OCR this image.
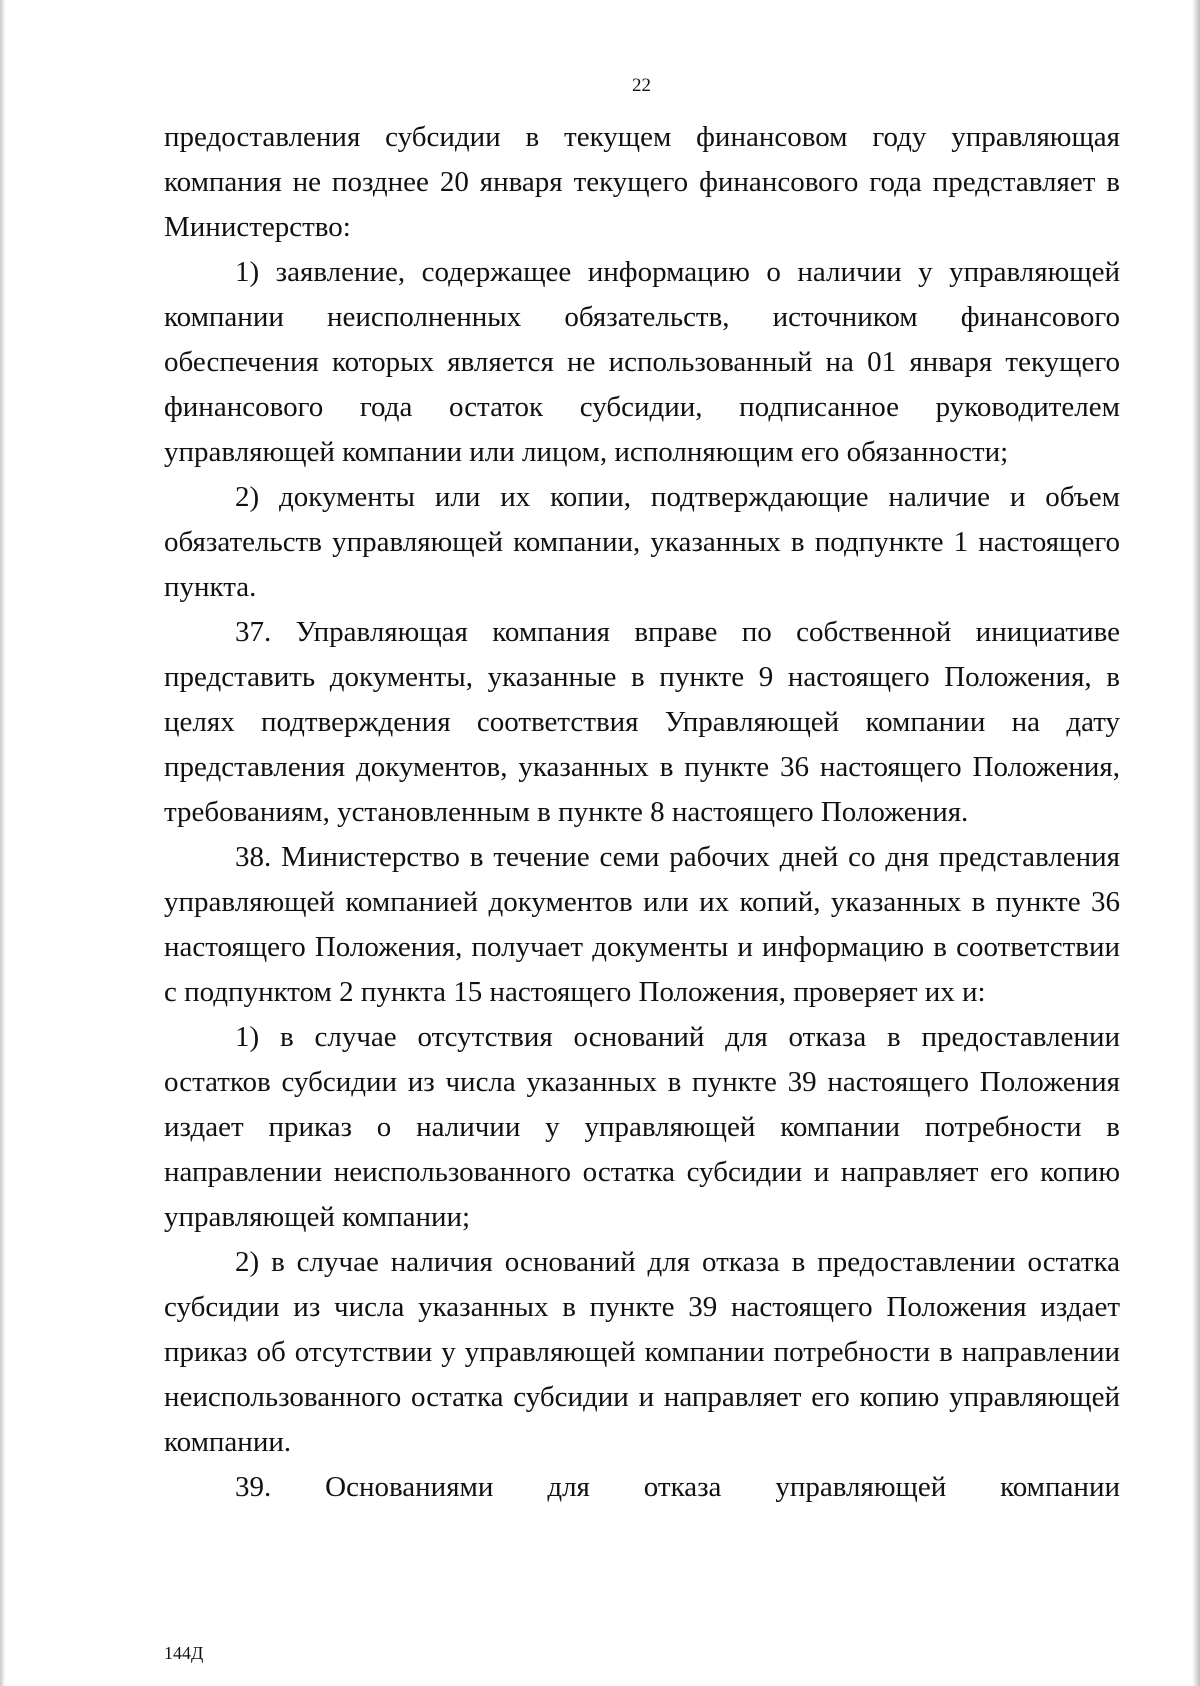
22

предоставления субсидии в текущем финансовом году управляющая компания не позднее 20 января текущего финансового года представляет в Министерство:

1) заявление, содержащее информацию о наличии у управляющей компании неисполненных обязательств, источником финансового обеспечения которых является не использованный на 01 января текущего финансового года остаток субсидии, подписанное руководителем управляющей компании или лицом, исполняющим его обязанности;

2) документы или их копии, подтверждающие наличие и объем обязательств управляющей компании, указанных в подпункте 1 настоящего пункта.

37. Управляющая компания вправе по собственной инициативе представить документы, указанные в пункте 9 настоящего Положения, в целях подтверждения соответствия Управляющей компании на дату представления документов, указанных в пункте 36 настоящего Положения, требованиям, установленным в пункте 8 настоящего Положения.

38. Министерство в течение семи рабочих дней со дня представления управляющей компанией документов или их копий, указанных в пункте 36 настоящего Положения, получает документы и информацию в соответствии с подпунктом 2 пункта 15 настоящего Положения, проверяет их и:

1) в случае отсутствия оснований для отказа в предоставлении остатков субсидии из числа указанных в пункте 39 настоящего Положения издает приказ о наличии у управляющей компании потребности в направлении неиспользованного остатка субсидии и направляет его копию управляющей компании;

2) в случае наличия оснований для отказа в предоставлении остатка субсидии из числа указанных в пункте 39 настоящего Положения издает приказ об отсутствии у управляющей компании потребности в направлении неиспользованного остатка субсидии и направляет его копию управляющей компании.

39. Основаниями для отказа управляющей компании

144Д
